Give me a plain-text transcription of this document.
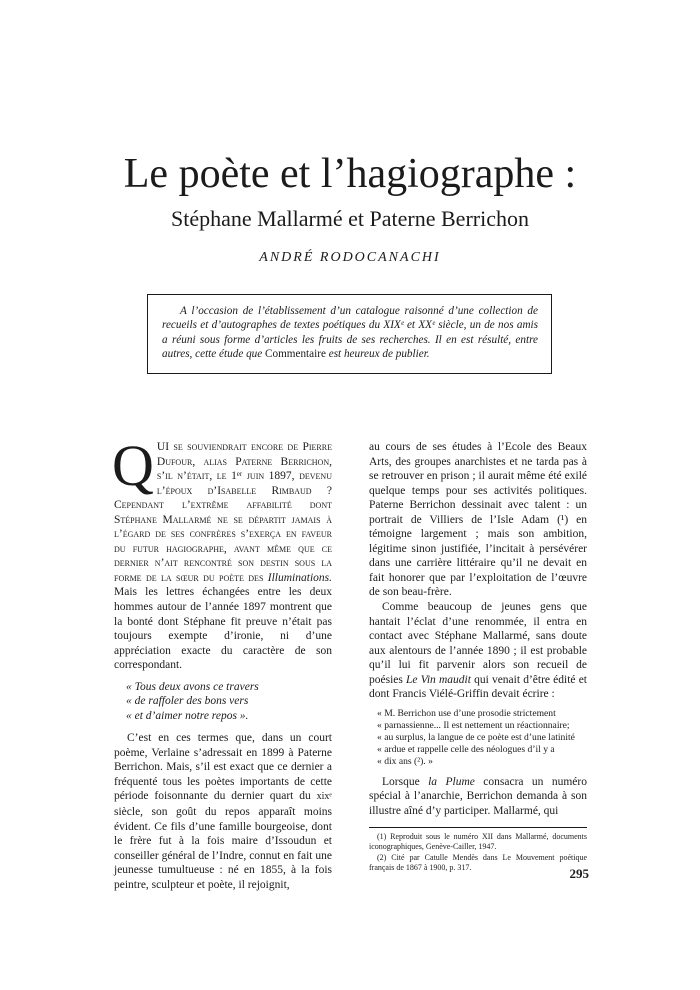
Le poète et l’hagiographe :
Stéphane Mallarmé et Paterne Berrichon
ANDRÉ RODOCANACHI

A l’occasion de l’établissement d’un catalogue raisonné d’une collection de recueils et d’autographes de textes poétiques du XIXᵉ et XXᵉ siècle, un de nos amis a réuni sous forme d’articles les fruits de ses recherches. Il en est résulté, entre autres, cette étude que Commentaire est heureux de publier.

QUI se souviendrait encore de Pierre Dufour, alias Paterne Berrichon, s’il n’était, le 1ᵉʳ juin 1897, devenu l’époux d’Isabelle Rimbaud ? Cependant l’extrême affabilité dont Stéphane Mallarmé ne se départit jamais à l’égard de ses confrères s’exerça en faveur du futur hagiographe, avant même que ce dernier n’ait rencontré son destin sous la forme de la sœur du poète des Illuminations. Mais les lettres échangées entre les deux hommes autour de l’année 1897 montrent que la bonté dont Stéphane fit preuve n’était pas toujours exempte d’ironie, ni d’une appréciation exacte du caractère de son correspondant.

« Tous deux avons ce travers
« de raffoler des bons vers
« et d’aimer notre repos ».

C’est en ces termes que, dans un court poème, Verlaine s’adressait en 1899 à Paterne Berrichon. Mais, s’il est exact que ce dernier a fréquenté tous les poètes importants de cette période foisonnante du dernier quart du xixᵉ siècle, son goût du repos apparaît moins évident. Ce fils d’une famille bourgeoise, dont le frère fut à la fois maire d’Issoudun et conseiller général de l’Indre, connut en fait une jeunesse tumultueuse : né en 1855, à la fois peintre, sculpteur et poète, il rejoignit,

au cours de ses études à l’Ecole des Beaux Arts, des groupes anarchistes et ne tarda pas à se retrouver en prison ; il aurait même été exilé quelque temps pour ses activités politiques. Paterne Berrichon dessinait avec talent : un portrait de Villiers de l’Isle Adam (¹) en témoigne largement ; mais son ambition, légitime sinon justifiée, l’incitait à persévérer dans une carrière littéraire qu’il ne devait en fait honorer que par l’exploitation de l’œuvre de son beau-frère.

Comme beaucoup de jeunes gens que hantait l’éclat d’une renommée, il entra en contact avec Stéphane Mallarmé, sans doute aux alentours de l’année 1890 ; il est probable qu’il lui fit parvenir alors son recueil de poésies Le Vin maudit qui venait d’être édité et dont Francis Viélé-Griffin devait écrire :

« M. Berrichon use d’une prosodie strictement
« parnassienne... Il est nettement un réactionnaire;
« au surplus, la langue de ce poète est d’une latinité
« ardue et rappelle celle des néologues d’il y a
« dix ans (²). »

Lorsque la Plume consacra un numéro spécial à l’anarchie, Berrichon demanda à son illustre aîné d’y participer. Mallarmé, qui

(1) Reproduit sous le numéro XII dans Mallarmé, documents iconographiques, Genève-Cailler, 1947.

(2) Cité par Catulle Mendès dans Le Mouvement poétique français de 1867 à 1900, p. 317.	295
